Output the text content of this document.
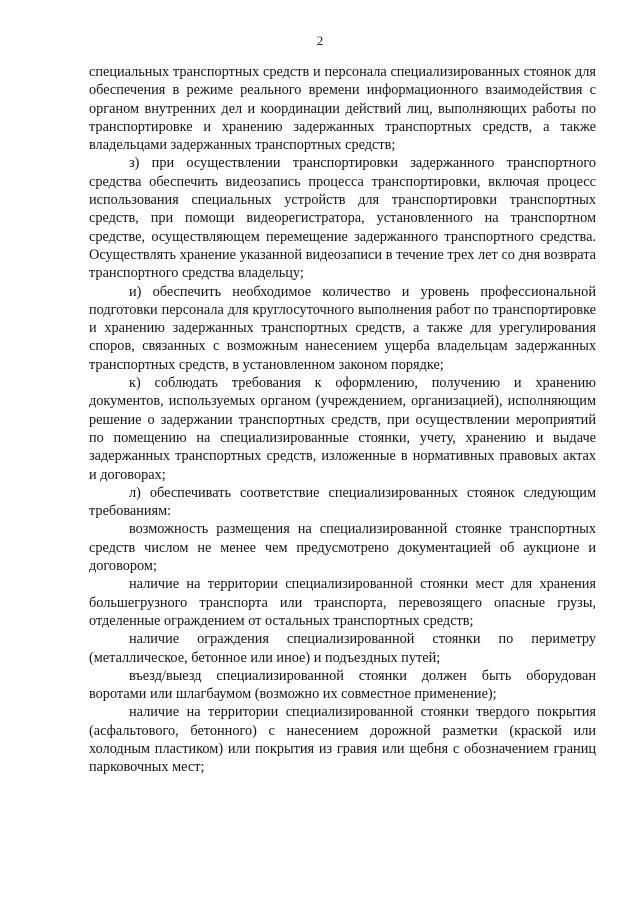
2

специальных транспортных средств и персонала специализированных стоянок для обеспечения в режиме реального времени информационного взаимодействия с органом внутренних дел и координации действий лиц, выполняющих работы по транспортировке и хранению задержанных транспортных средств, а также владельцами задержанных транспортных средств;

з) при осуществлении транспортировки задержанного транспортного средства обеспечить видеозапись процесса транспортировки, включая процесс использования специальных устройств для транспортировки транспортных средств, при помощи видеорегистратора, установленного на транспортном средстве, осуществляющем перемещение задержанного транспортного средства. Осуществлять хранение указанной видеозаписи в течение трех лет со дня возврата транспортного средства владельцу;

и) обеспечить необходимое количество и уровень профессиональной подготовки персонала для круглосуточного выполнения работ по транспортировке и хранению задержанных транспортных средств, а также для урегулирования споров, связанных с возможным нанесением ущерба владельцам задержанных транспортных средств, в установленном законом порядке;

к) соблюдать требования к оформлению, получению и хранению документов, используемых органом (учреждением, организацией), исполняющим решение о задержании транспортных средств, при осуществлении мероприятий по помещению на специализированные стоянки, учету, хранению и выдаче задержанных транспортных средств, изложенные в нормативных правовых актах и договорах;

л) обеспечивать соответствие специализированных стоянок следующим требованиям:

возможность размещения на специализированной стоянке транспортных средств числом не менее чем предусмотрено документацией об аукционе и договором;

наличие на территории специализированной стоянки мест для хранения большегрузного транспорта или транспорта, перевозящего опасные грузы, отделенные ограждением от остальных транспортных средств;

наличие ограждения специализированной стоянки по периметру (металлическое, бетонное или иное) и подъездных путей;

въезд/выезд специализированной стоянки должен быть оборудован воротами или шлагбаумом (возможно их совместное применение);

наличие на территории специализированной стоянки твердого покрытия (асфальтового, бетонного) с нанесением дорожной разметки (краской или холодным пластиком) или покрытия из гравия или щебня с обозначением границ парковочных мест;
